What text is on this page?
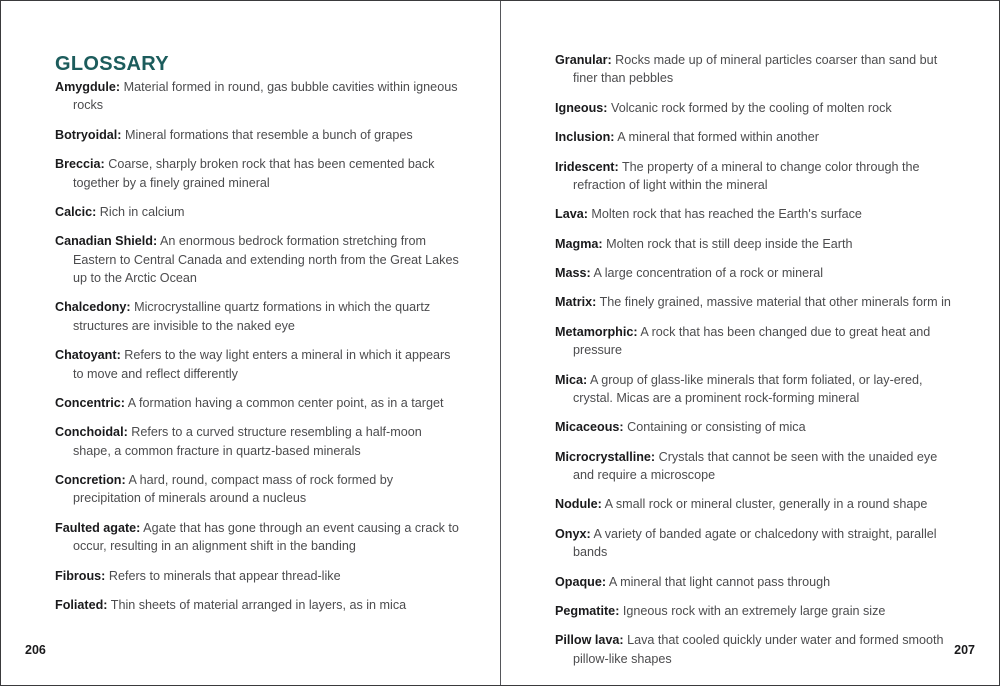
GLOSSARY
Amygdule: Material formed in round, gas bubble cavities within igneous rocks
Botryoidal: Mineral formations that resemble a bunch of grapes
Breccia: Coarse, sharply broken rock that has been cemented back together by a finely grained mineral
Calcic: Rich in calcium
Canadian Shield: An enormous bedrock formation stretching from Eastern to Central Canada and extending north from the Great Lakes up to the Arctic Ocean
Chalcedony: Microcrystalline quartz formations in which the quartz structures are invisible to the naked eye
Chatoyant: Refers to the way light enters a mineral in which it appears to move and reflect differently
Concentric: A formation having a common center point, as in a target
Conchoidal: Refers to a curved structure resembling a half-moon shape, a common fracture in quartz-based minerals
Concretion: A hard, round, compact mass of rock formed by precipitation of minerals around a nucleus
Faulted agate: Agate that has gone through an event causing a crack to occur, resulting in an alignment shift in the banding
Fibrous: Refers to minerals that appear thread-like
Foliated: Thin sheets of material arranged in layers, as in mica
Granular: Rocks made up of mineral particles coarser than sand but finer than pebbles
Igneous: Volcanic rock formed by the cooling of molten rock
Inclusion: A mineral that formed within another
Iridescent: The property of a mineral to change color through the refraction of light within the mineral
Lava: Molten rock that has reached the Earth's surface
Magma: Molten rock that is still deep inside the Earth
Mass: A large concentration of a rock or mineral
Matrix: The finely grained, massive material that other minerals form in
Metamorphic: A rock that has been changed due to great heat and pressure
Mica: A group of glass-like minerals that form foliated, or lay-ered, crystal. Micas are a prominent rock-forming mineral
Micaceous: Containing or consisting of mica
Microcrystalline: Crystals that cannot be seen with the unaided eye and require a microscope
Nodule: A small rock or mineral cluster, generally in a round shape
Onyx: A variety of banded agate or chalcedony with straight, parallel bands
Opaque: A mineral that light cannot pass through
Pegmatite: Igneous rock with an extremely large grain size
Pillow lava: Lava that cooled quickly under water and formed smooth pillow-like shapes
206	207
